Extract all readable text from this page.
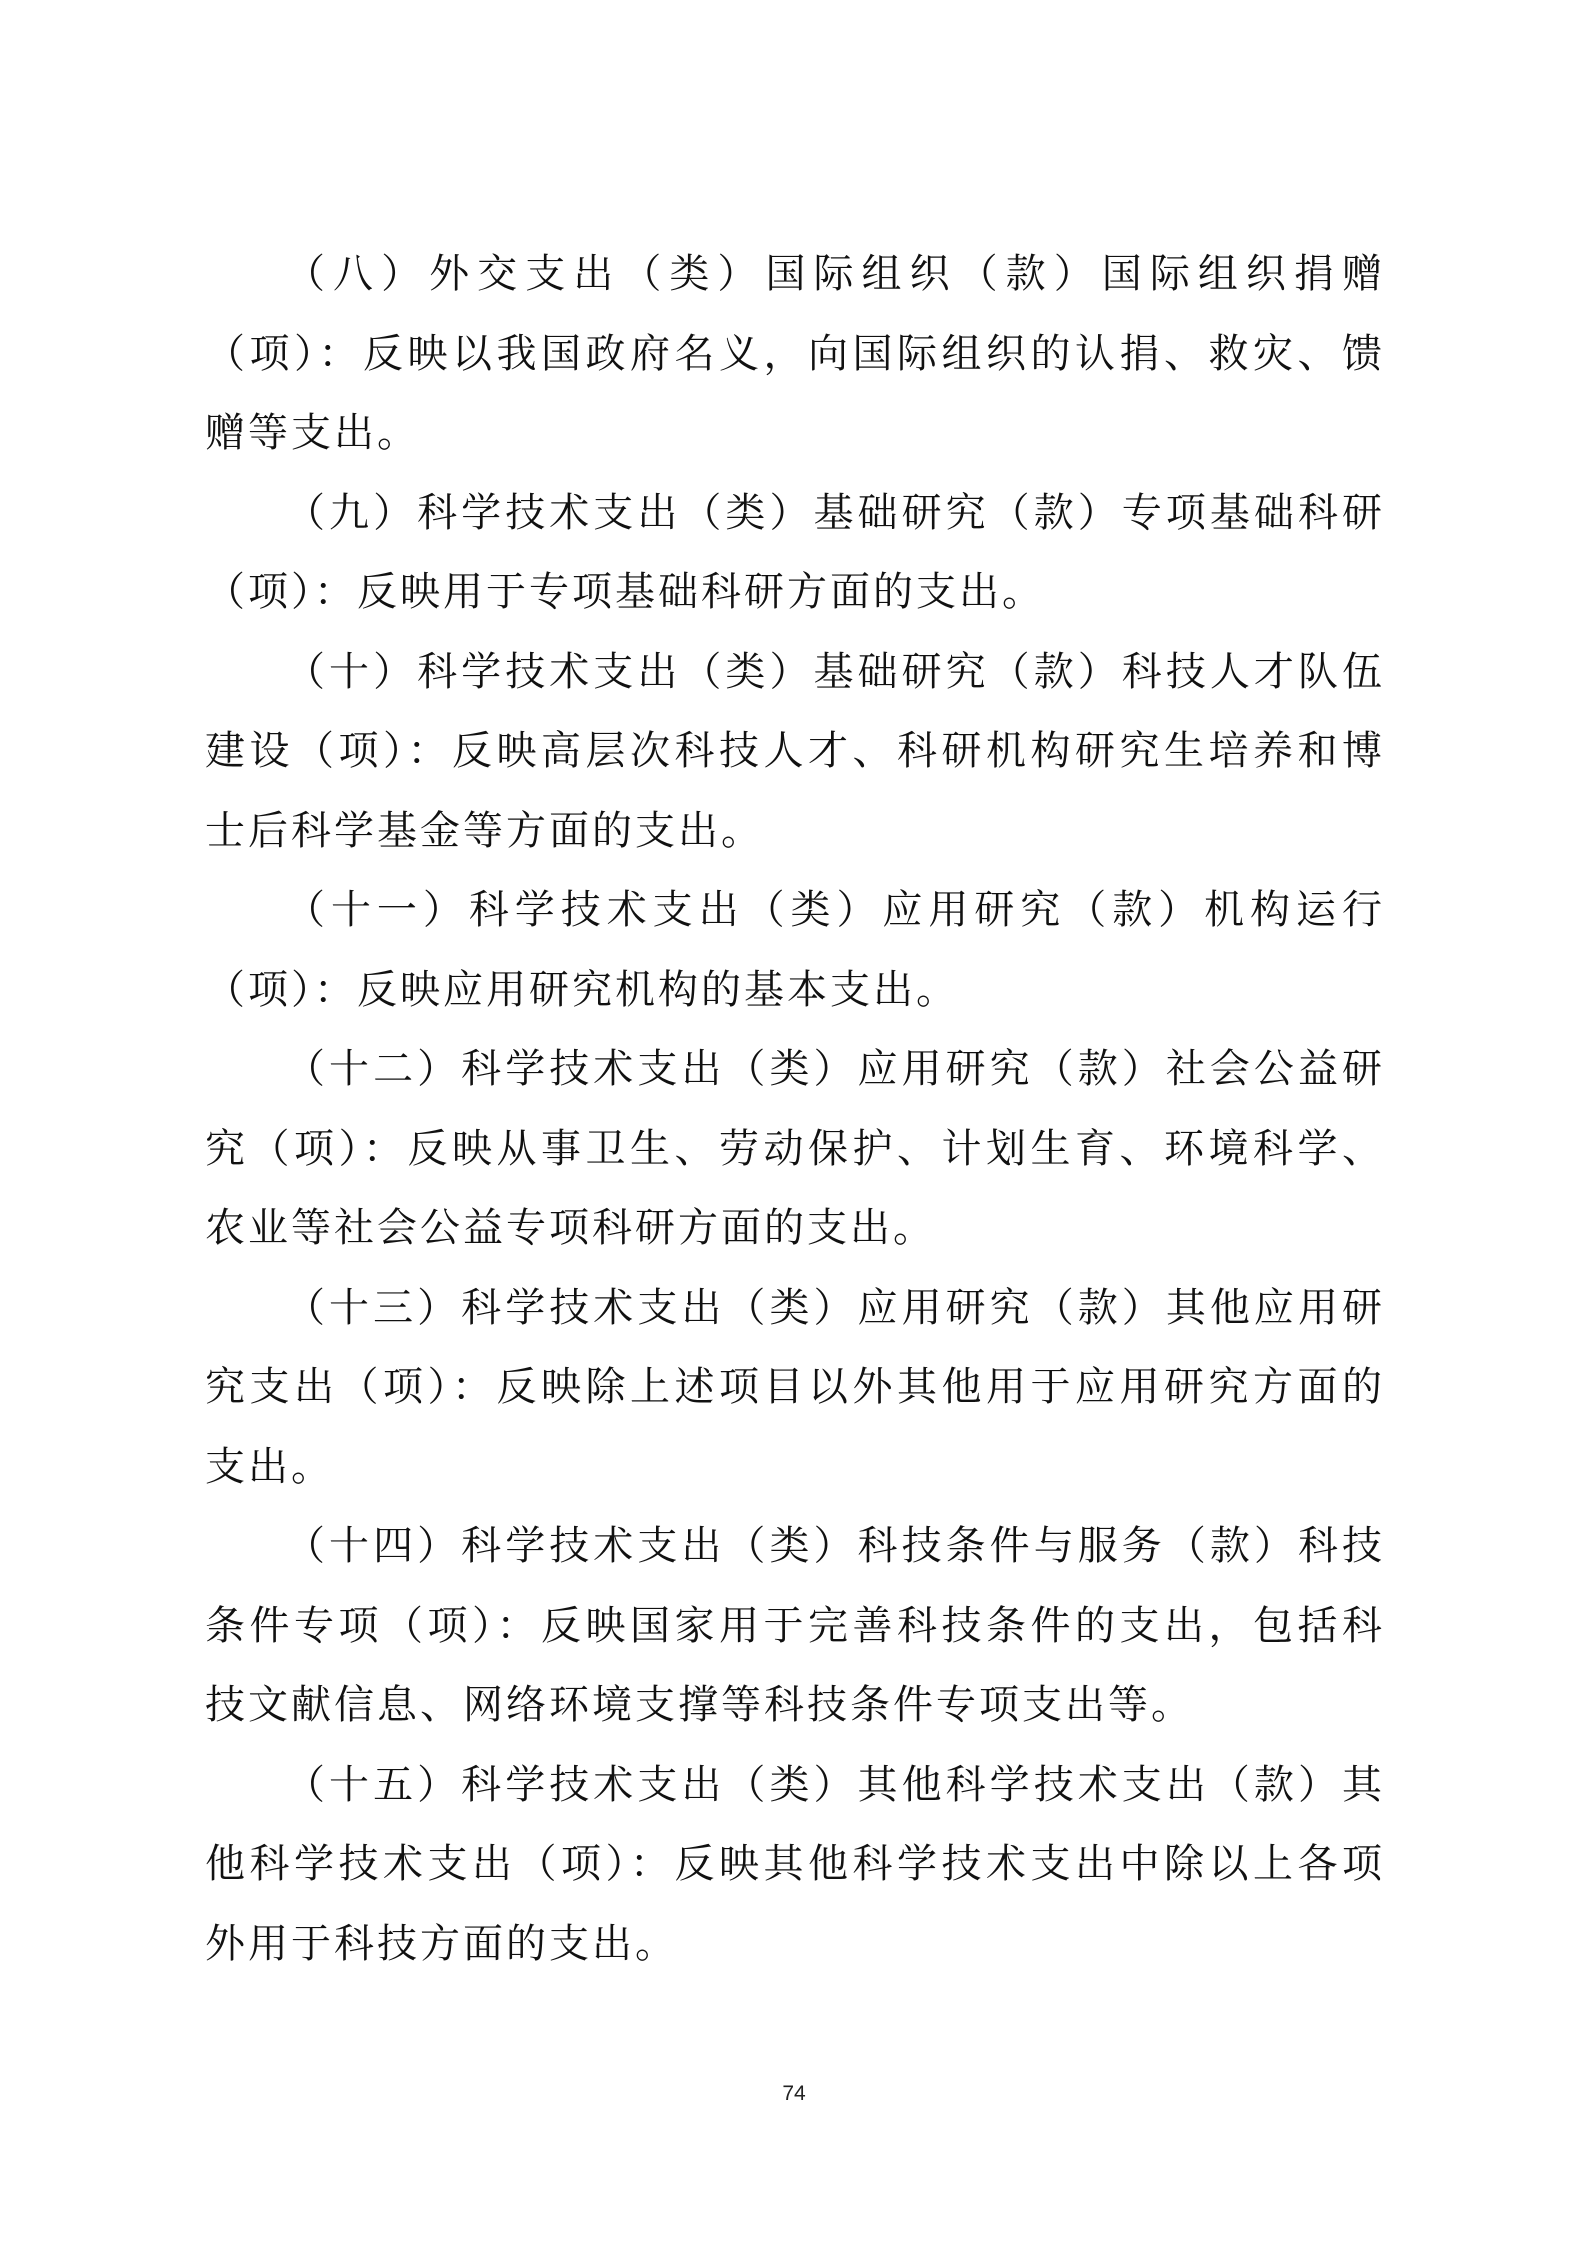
（八）外交支出（类）国际组织（款）国际组织捐赠（项）：反映以我国政府名义，向国际组织的认捐、救灾、馈赠等支出。

（九）科学技术支出（类）基础研究（款）专项基础科研（项）：反映用于专项基础科研方面的支出。

（十）科学技术支出（类）基础研究（款）科技人才队伍建设（项）：反映高层次科技人才、科研机构研究生培养和博士后科学基金等方面的支出。

（十一）科学技术支出（类）应用研究（款）机构运行（项）：反映应用研究机构的基本支出。

（十二）科学技术支出（类）应用研究（款）社会公益研究（项）：反映从事卫生、劳动保护、计划生育、环境科学、农业等社会公益专项科研方面的支出。

（十三）科学技术支出（类）应用研究（款）其他应用研究支出（项）：反映除上述项目以外其他用于应用研究方面的支出。

（十四）科学技术支出（类）科技条件与服务（款）科技条件专项（项）：反映国家用于完善科技条件的支出，包括科技文献信息、网络环境支撑等科技条件专项支出等。

（十五）科学技术支出（类）其他科学技术支出（款）其他科学技术支出（项）：反映其他科学技术支出中除以上各项外用于科技方面的支出。

74
